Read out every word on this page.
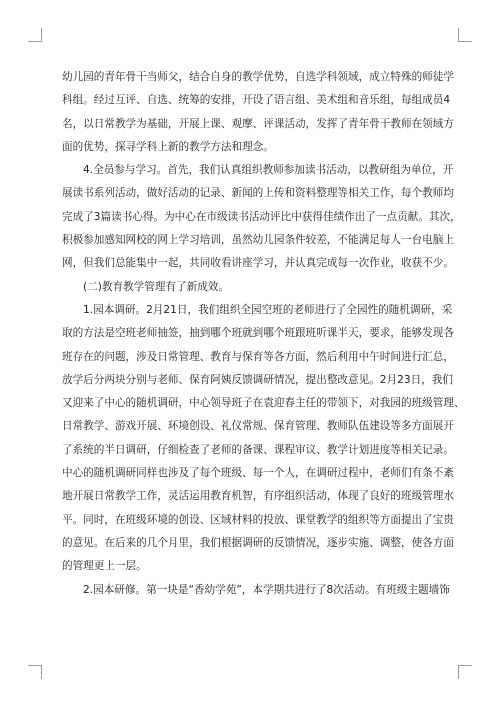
幼儿园的青年骨干当师父，结合自身的教学优势，自选学科领域，成立特殊的师徒学
科组。经过互评、自选、统筹的安排，开设了语言组、美术组和音乐组，每组成员4
名，以日常教学为基础，开展上课、观摩、评课活动，发挥了青年骨干教师在领域方
面的优势，探寻学科上新的教学方法和理念。
4.全员参与学习。首先，我们认真组织教师参加读书活动，以教研组为单位，开
展读书系列活动，做好活动的记录、新闻的上传和资料整理等相关工作，每个教师均
完成了3篇读书心得。为中心在市级读书活动评比中获得佳绩作出了一点贡献。其次，
积极参加感知网校的网上学习培训，虽然幼儿园条件较差，不能满足每人一台电脑上
网，但我们总能集中一起，共同收看讲座学习，并认真完成每一次作业，收获不少。
(二)教育教学管理有了新成效。
1.园本调研。2月21日，我们组织全园空班的老师进行了全园性的随机调研，采
取的方法是空班老师抽签，抽到哪个班就到哪个班跟班听课半天，要求，能够发现各
班存在的问题，涉及日常管理、教育与保育等各方面，然后利用中午时间进行汇总，
放学后分两块分别与老师、保育阿姨反馈调研情况，提出整改意见。2月23日，我们
又迎来了中心的随机调研，中心领导班子在袁迎春主任的带领下，对我园的班级管理、
日常教学、游戏开展、环境创设、礼仪常规、保育管理、教师队伍建设等多方面展开
了系统的半日调研，仔细检查了老师的备课、课程审议、教学计划进度等相关记录。
中心的随机调研同样也涉及了每个班级、每一个人，在调研过程中，老师们有条不紊
地开展日常教学工作，灵活运用教育机智，有序组织活动，体现了良好的班级管理水
平。同时，在班级环境的创设、区域材料的投放、课堂教学的组织等方面提出了宝贵
的意见。在后来的几个月里，我们根据调研的反馈情况，逐步实施、调整，使各方面
的管理更上一层。
2.园本研修。第一块是“香幼学苑”，本学期共进行了8次活动。有班级主题墙饰
